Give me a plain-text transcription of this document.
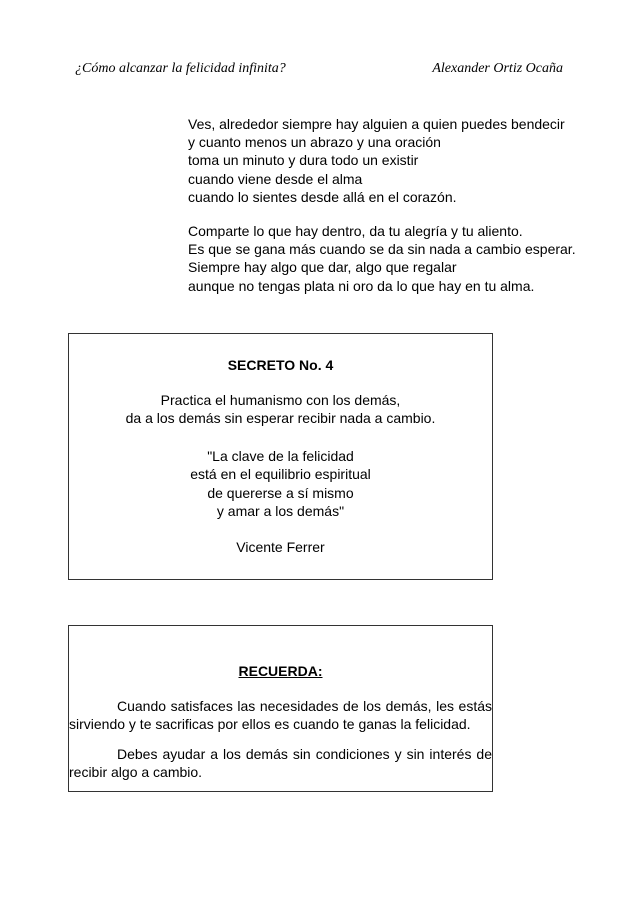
¿Cómo alcanzar la felicidad infinita?	Alexander Ortiz Ocaña
Ves, alrededor siempre hay alguien a quien puedes bendecir
y cuanto menos un abrazo y una oración
toma un minuto y dura todo un existir
cuando viene desde el alma
cuando lo sientes desde allá en el corazón.
Comparte lo que hay dentro, da tu alegría y tu aliento.
Es que se gana más cuando se da sin nada a cambio esperar.
Siempre hay algo que dar, algo que regalar
aunque no tengas plata ni oro da lo que hay en tu alma.
SECRETO No. 4
Practica el humanismo con los demás,
da a los demás sin esperar recibir nada a cambio.
"La clave de la felicidad
está en el equilibrio espiritual
de quererse a sí mismo
y amar a los demás"
Vicente Ferrer
RECUERDA:
Cuando satisfaces las necesidades de los demás, les estás sirviendo y te sacrificas por ellos es cuando te ganas la felicidad.
Debes ayudar a los demás sin condiciones y sin interés de recibir algo a cambio.
